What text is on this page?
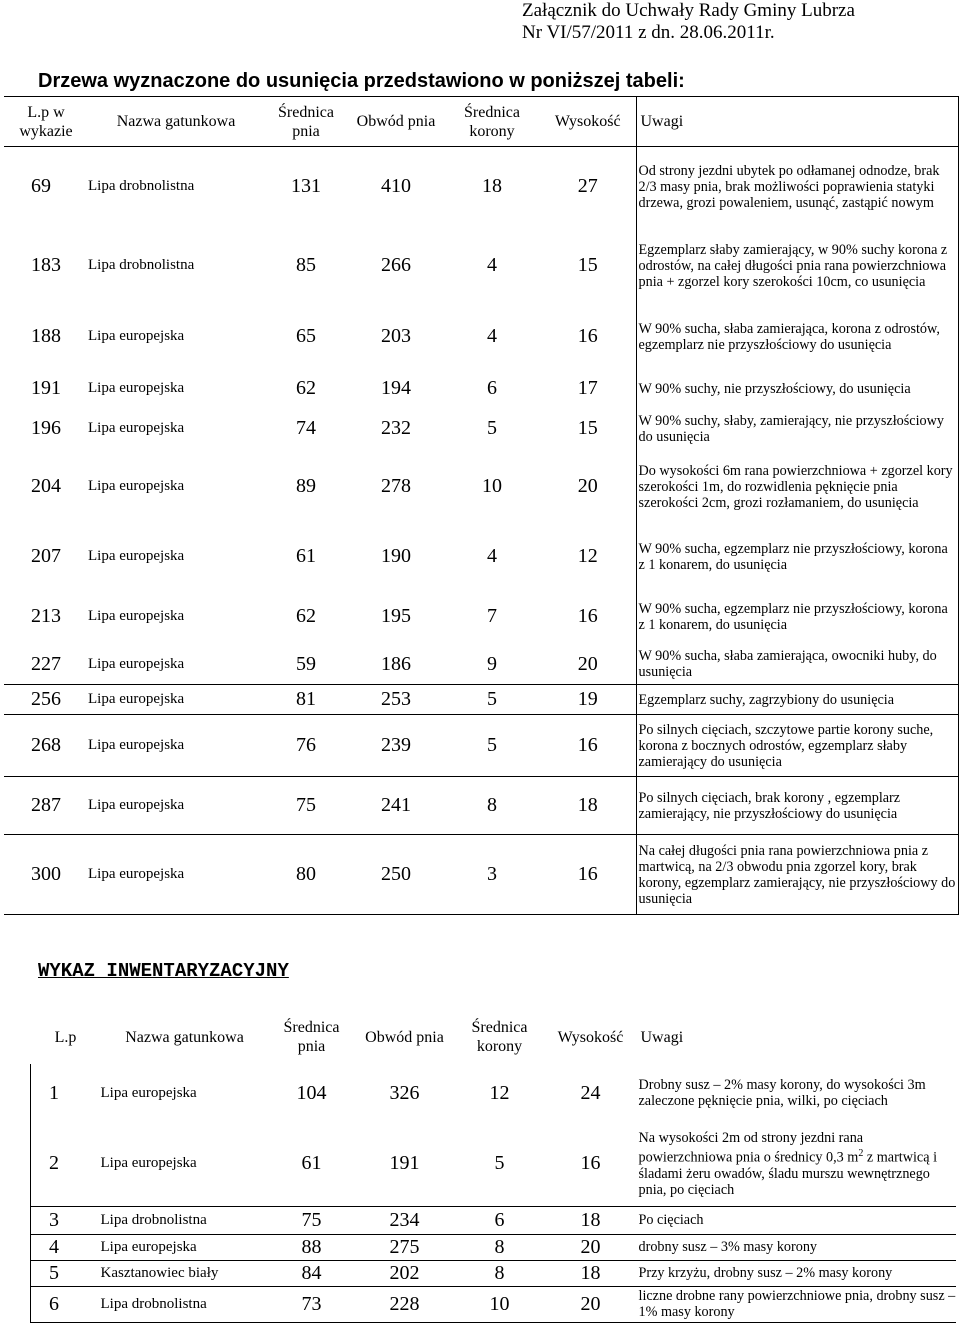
Załącznik do Uchwały Rady Gminy Lubrza
Nr VI/57/2011 z dn. 28.06.2011r.
Drzewa wyznaczone do usunięcia przedstawiono w poniższej tabeli:
L.p w wykazie	Nazwa gatunkowa	Średnica pnia	Obwód pnia	Średnica korony	Wysokość	Uwagi
69	Lipa drobnolistna	131	410	18	27	Od strony jezdni ubytek po odłamanej odnodze, brak 2/3 masy pnia, brak możliwości poprawienia statyki drzewa, grozi powaleniem, usunąć, zastąpić nowym
183	Lipa drobnolistna	85	266	4	15	Egzemplarz słaby zamierający, w 90% suchy korona z odrostów, na całej długości pnia rana powierzchniowa pnia + zgorzel kory szerokości 10cm, co usunięcia
188	Lipa europejska	65	203	4	16	W 90% sucha, słaba zamierająca, korona z odrostów, egzemplarz nie przyszłościowy do usunięcia
191	Lipa europejska	62	194	6	17	W 90% suchy, nie przyszłościowy, do usunięcia
196	Lipa europejska	74	232	5	15	W 90% suchy, słaby, zamierający, nie przyszłościowy do usunięcia
204	Lipa europejska	89	278	10	20	Do wysokości 6m rana powierzchniowa + zgorzel kory szerokości 1m, do rozwidlenia pęknięcie pnia szerokości 2cm, grozi rozłamaniem, do usunięcia
207	Lipa europejska	61	190	4	12	W 90% sucha, egzemplarz nie przyszłościowy, korona z 1 konarem, do usunięcia
213	Lipa europejska	62	195	7	16	W 90% sucha, egzemplarz nie przyszłościowy, korona z 1 konarem, do usunięcia
227	Lipa europejska	59	186	9	20	W 90% sucha, słaba zamierająca, owocniki huby, do usunięcia
256	Lipa europejska	81	253	5	19	Egzemplarz suchy, zagrzybiony do usunięcia
268	Lipa europejska	76	239	5	16	Po silnych cięciach, szczytowe partie korony suche, korona z bocznych odrostów, egzemplarz słaby zamierający do usunięcia
287	Lipa europejska	75	241	8	18	Po silnych cięciach, brak korony , egzemplarz zamierający, nie przyszłościowy do usunięcia
300	Lipa europejska	80	250	3	16	Na całej długości pnia rana powierzchniowa pnia z martwicą, na 2/3 obwodu pnia zgorzel kory, brak korony, egzemplarz zamierający, nie przyszłościowy do usunięcia
WYKAZ INWENTARYZACYJNY
L.p	Nazwa gatunkowa	Średnica pnia	Obwód pnia	Średnica korony	Wysokość	Uwagi
1	Lipa europejska	104	326	12	24	Drobny susz – 2% masy korony, do wysokości 3m zaleczone pęknięcie pnia, wilki, po cięciach
2	Lipa europejska	61	191	5	16	Na wysokości 2m od strony jezdni rana powierzchniowa pnia o średnicy 0,3 $m^2$ z martwicą i śladami żeru owadów, śladu murszu wewnętrznego pnia, po cięciach
3	Lipa drobnolistna	75	234	6	18	Po cięciach
4	Lipa europejska	88	275	8	20	drobny susz – 3% masy korony
5	Kasztanowiec biały	84	202	8	18	Przy krzyżu, drobny susz – 2% masy korony
6	Lipa drobnolistna	73	228	10	20	liczne drobne rany powierzchniowe pnia, drobny susz – 1% masy korony
